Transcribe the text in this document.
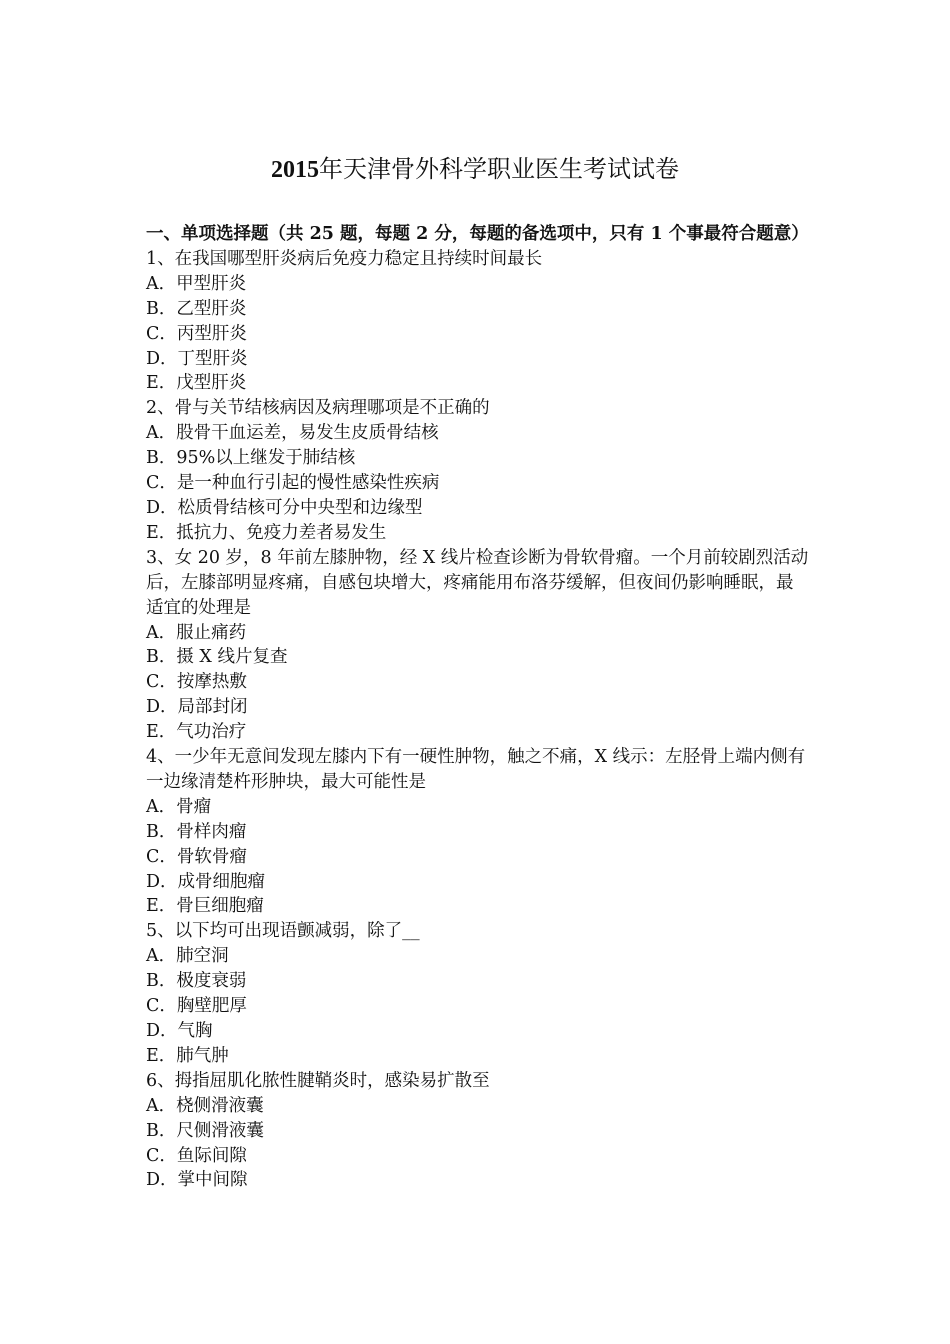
2015年天津骨外科学职业医生考试试卷

一、单项选择题（共 25 题，每题 2 分，每题的备选项中，只有 1 个事最符合题意）

1、在我国哪型肝炎病后免疫力稳定且持续时间最长

A．甲型肝炎

B．乙型肝炎

C．丙型肝炎

D．丁型肝炎

E．戊型肝炎

2、骨与关节结核病因及病理哪项是不正确的

A．股骨干血运差，易发生皮质骨结核

B．95%以上继发于肺结核

C．是一种血行引起的慢性感染性疾病

D．松质骨结核可分中央型和边缘型

E．抵抗力、免疫力差者易发生

3、女 20 岁，8 年前左膝肿物，经 X 线片检查诊断为骨软骨瘤。一个月前较剧烈活动后，左膝部明显疼痛，自感包块增大，疼痛能用布洛芬缓解，但夜间仍影响睡眠，最适宜的处理是

A．服止痛药

B．摄 X 线片复查

C．按摩热敷

D．局部封闭

E．气功治疗

4、一少年无意间发现左膝内下有一硬性肿物，触之不痛，X 线示：左胫骨上端内侧有一边缘清楚杵形肿块，最大可能性是

A．骨瘤

B．骨样肉瘤

C．骨软骨瘤

D．成骨细胞瘤

E．骨巨细胞瘤

5、以下均可出现语颤减弱，除了__

A．肺空洞

B．极度衰弱

C．胸壁肥厚

D．气胸

E．肺气肿

6、拇指屈肌化脓性腱鞘炎时，感染易扩散至

A．桡侧滑液囊

B．尺侧滑液囊

C．鱼际间隙

D．掌中间隙
